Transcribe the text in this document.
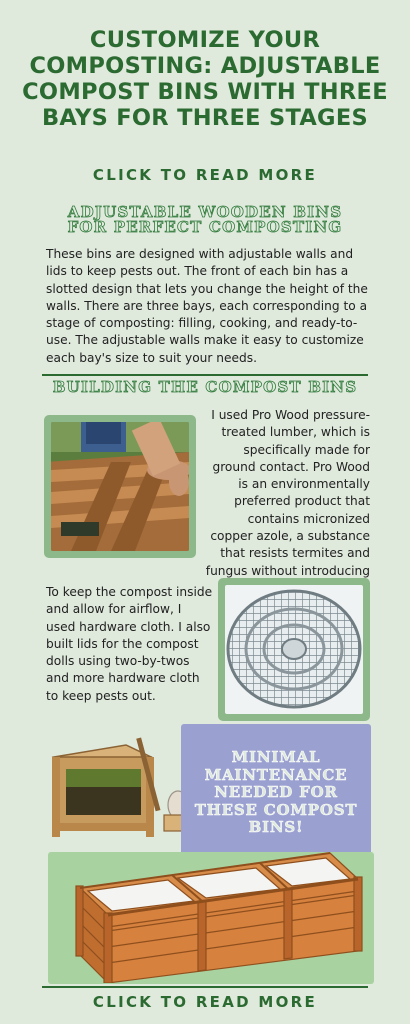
CUSTOMIZE YOUR COMPOSTING: ADJUSTABLE COMPOST BINS WITH THREE BAYS FOR THREE STAGES
CLICK TO READ MORE
ADJUSTABLE WOODEN BINS FOR PERFECT COMPOSTING
These bins are designed with adjustable walls and lids to keep pests out. The front of each bin has a slotted design that lets you change the height of the walls. There are three bays, each corresponding to a stage of composting: filling, cooking, and ready-to-use. The adjustable walls make it easy to customize each bay's size to suit your needs.
BUILDING THE COMPOST BINS
I used Pro Wood pressure-treated lumber, which is specifically made for ground contact. Pro Wood is an environmentally preferred product that contains micronized copper azole, a substance that resists termites and fungus without introducing
To keep the compost inside and allow for airflow, I used hardware cloth. I also built lids for the compost dolls using two-by-twos and more hardware cloth to keep pests out.
MINIMAL MAINTENANCE NEEDED FOR THESE COMPOST BINS!
CLICK TO READ MORE
